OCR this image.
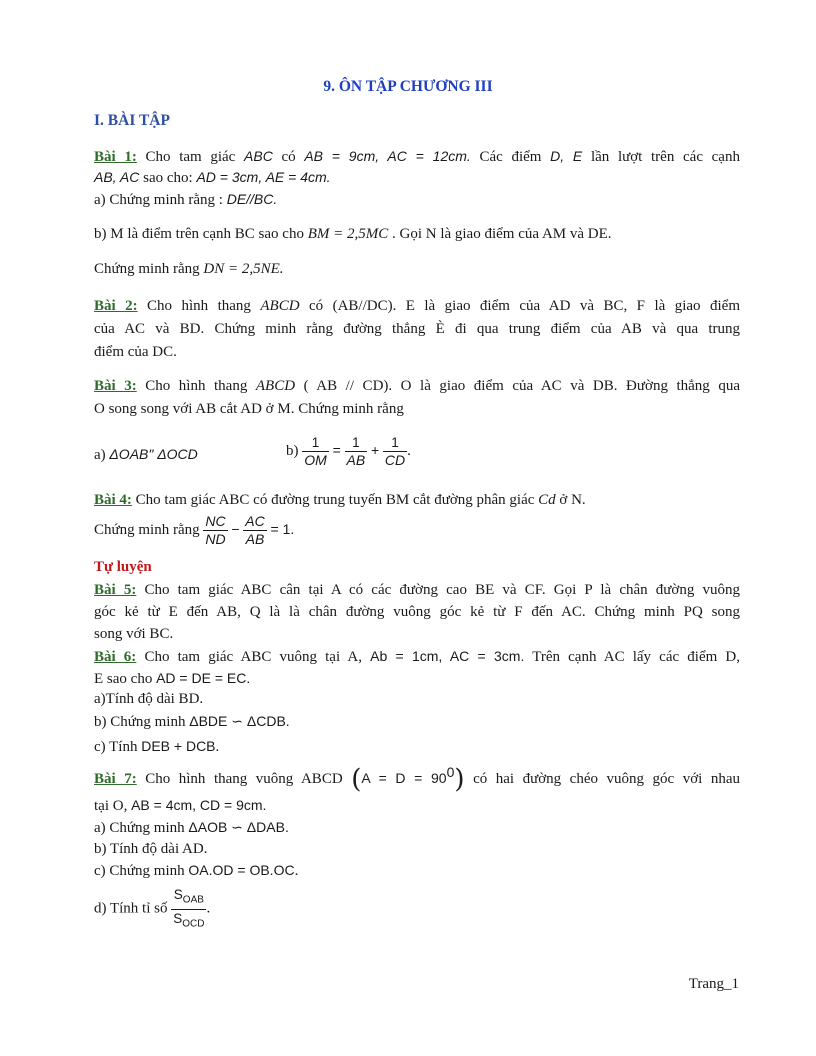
9. ÔN TẬP CHƯƠNG III
I. BÀI TẬP
Bài 1: Cho tam giác ABC có AB = 9cm, AC = 12cm. Các điểm D, E lần lượt trên các cạnh
AB, AC sao cho: AD = 3cm, AE = 4cm.
a) Chứng minh rằng : DE//BC.
b) M là điểm trên cạnh BC sao cho BM = 2,5MC . Gọi N là giao điểm của AM và DE.
Chứng minh rằng DN = 2,5NE.
Bài 2: Cho hình thang ABCD có (AB//DC). E là giao điểm của AD và BC, F là giao điểm
của AC và BD. Chứng minh rằng đường thẳng È đi qua trung điểm của AB và qua trung
điểm của DC.
Bài 3: Cho hình thang ABCD ( AB // CD). O là giao điểm của AC và DB. Đường thẳng qua
O song song với AB cắt AD ở M. Chứng minh rằng
a) ΔOAB" ΔOCD	$b) \frac{1}{OM} = \frac{1}{AB} + \frac{1}{CD}$ .
Bài 4: Cho tam giác ABC có đường trung tuyến BM cắt đường phân giác Cd ở N.
Chứng minh rằng $\frac{NC}{ND} - \frac{AC}{AB} = 1$.
Tự luyện
Bài 5: Cho tam giác ABC cân tại A có các đường cao BE và CF. Gọi P là chân đường vuông
góc kẻ từ E đến AB, Q là là chân đường vuông góc kẻ từ F đến AC. Chứng minh PQ song
song với BC.
Bài 6: Cho tam giác ABC vuông tại A, Ab = 1cm, AC = 3cm. Trên cạnh AC lấy các điểm D,
E sao cho AD = DE = EC.
a)Tính độ dài BD.
b) Chứng minh ΔBDE ∽ ΔCDB.
c) Tính DEB + DCB.
Bài 7: Cho hình thang vuông ABCD $(A = D = 90^0)$ có hai đường chéo vuông góc với nhau
tại O, AB = 4cm, CD = 9cm.
a) Chứng minh ΔAOB ∽ ΔDAB.
b) Tính độ dài AD.
c) Chứng minh OA.OD = OB.OC.
d) Tính tỉ số $\frac{S_{OAB}}{S_{OCD}}$ .
Trang_1
